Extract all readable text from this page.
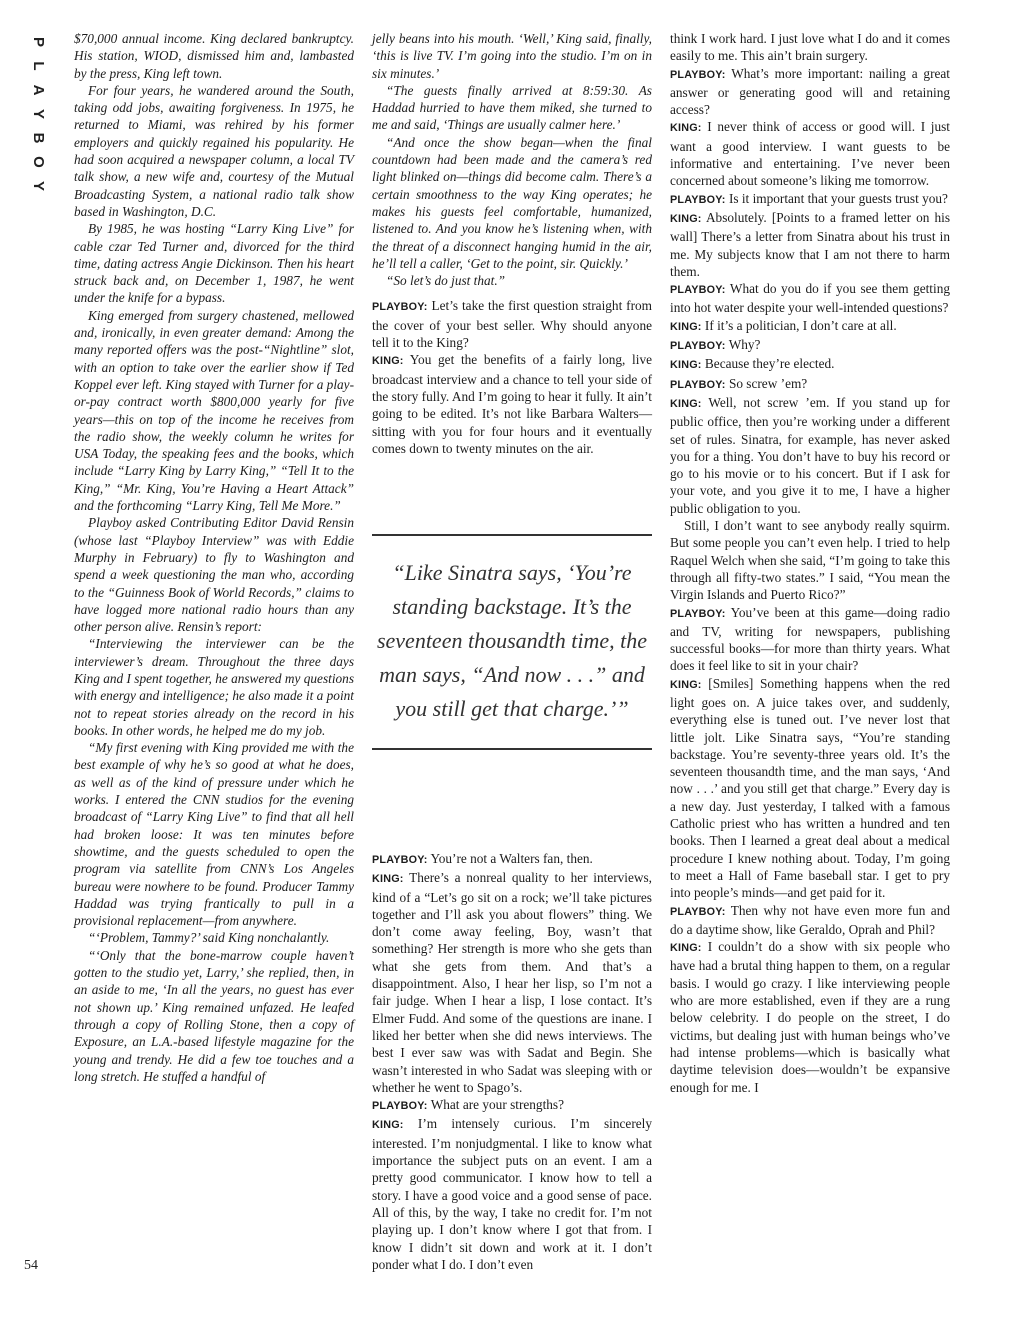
P
L
A
Y
B
O
Y
54

$70,000 annual income. King declared bankruptcy. His station, WIOD, dismissed him and, lambasted by the press, King left town.

For four years, he wandered around the South, taking odd jobs, awaiting forgiveness. In 1975, he returned to Miami, was rehired by his former employers and quickly regained his popularity. He had soon acquired a newspaper column, a local TV talk show, a new wife and, courtesy of the Mutual Broadcasting System, a national radio talk show based in Washington, D.C.

By 1985, he was hosting “Larry King Live” for cable czar Ted Turner and, divorced for the third time, dating actress Angie Dickinson. Then his heart struck back and, on December 1, 1987, he went under the knife for a bypass.

King emerged from surgery chastened, mellowed and, ironically, in even greater demand: Among the many reported offers was the post-“Nightline” slot, with an option to take over the earlier show if Ted Koppel ever left. King stayed with Turner for a play-or-pay contract worth $800,000 yearly for five years—this on top of the income he receives from the radio show, the weekly column he writes for USA Today, the speaking fees and the books, which include “Larry King by Larry King,” “Tell It to the King,” “Mr. King, You’re Having a Heart Attack” and the forthcoming “Larry King, Tell Me More.”

Playboy asked Contributing Editor David Rensin (whose last “Playboy Interview” was with Eddie Murphy in February) to fly to Washington and spend a week questioning the man who, according to the “Guinness Book of World Records,” claims to have logged more national radio hours than any other person alive. Rensin’s report:

“Interviewing the interviewer can be the interviewer’s dream. Throughout the three days King and I spent together, he answered my questions with energy and intelligence; he also made it a point not to repeat stories already on the record in his books. In other words, he helped me do my job.

“My first evening with King provided me with the best example of why he’s so good at what he does, as well as of the kind of pressure under which he works. I entered the CNN studios for the evening broadcast of “Larry King Live” to find that all hell had broken loose: It was ten minutes before showtime, and the guests scheduled to open the program via satellite from CNN’s Los Angeles bureau were nowhere to be found. Producer Tammy Haddad was trying frantically to pull in a provisional replacement—from anywhere.

“‘Problem, Tammy?’ said King nonchalantly.

“‘Only that the bone-marrow couple haven’t gotten to the studio yet, Larry,’ she replied, then, in an aside to me, ‘In all the years, no guest has ever not shown up.’ King remained unfazed. He leafed through a copy of Rolling Stone, then a copy of Exposure, an L.A.-based lifestyle magazine for the young and trendy. He did a few toe touches and a long stretch. He stuffed a handful of

jelly beans into his mouth. ‘Well,’ King said, finally, ‘this is live TV. I’m going into the studio. I’m on in six minutes.’

“The guests finally arrived at 8:59:30. As Haddad hurried to have them miked, she turned to me and said, ‘Things are usually calmer here.’

“And once the show began—when the final countdown had been made and the camera’s red light blinked on—things did become calm. There’s a certain smoothness to the way King operates; he makes his guests feel comfortable, humanized, listened to. And you know he’s listening when, with the threat of a disconnect hanging humid in the air, he’ll tell a caller, ‘Get to the point, sir. Quickly.’

“So let’s do just that.”

PLAYBOY: Let’s take the first question straight from the cover of your best seller. Why should anyone tell it to the King?

KING: You get the benefits of a fairly long, live broadcast interview and a chance to tell your side of the story fully. And I’m going to hear it fully. It ain’t going to be edited. It’s not like Barbara Walters—sitting with you for four hours and it eventually comes down to twenty minutes on the air.

“Like Sinatra says, ‘You’re standing backstage. It’s the seventeen thousandth time, the man says, “And now . . .” and you still get that charge.’”

PLAYBOY: You’re not a Walters fan, then.

KING: There’s a nonreal quality to her interviews, kind of a “Let’s go sit on a rock; we’ll take pictures together and I’ll ask you about flowers” thing. We don’t come away feeling, Boy, wasn’t that something? Her strength is more who she gets than what she gets from them. And that’s a disappointment. Also, I hear her lisp, so I’m not a fair judge. When I hear a lisp, I lose contact. It’s Elmer Fudd. And some of the questions are inane. I liked her better when she did news interviews. The best I ever saw was with Sadat and Begin. She wasn’t interested in who Sadat was sleeping with or whether he went to Spago’s.

PLAYBOY: What are your strengths?

KING: I’m intensely curious. I’m sincerely interested. I’m nonjudgmental. I like to know what importance the subject puts on an event. I am a pretty good communicator. I know how to tell a story. I have a good voice and a good sense of pace. All of this, by the way, I take no credit for. I’m not playing up. I don’t know where I got that from. I know I didn’t sit down and work at it. I don’t ponder what I do. I don’t even

think I work hard. I just love what I do and it comes easily to me. This ain’t brain surgery.

PLAYBOY: What’s more important: nailing a great answer or generating good will and retaining access?

KING: I never think of access or good will. I just want a good interview. I want guests to be informative and entertaining. I’ve never been concerned about someone’s liking me tomorrow.

PLAYBOY: Is it important that your guests trust you?

KING: Absolutely. [Points to a framed letter on his wall] There’s a letter from Sinatra about his trust in me. My subjects know that I am not there to harm them.

PLAYBOY: What do you do if you see them getting into hot water despite your well-intended questions?

KING: If it’s a politician, I don’t care at all.

PLAYBOY: Why?

KING: Because they’re elected.

PLAYBOY: So screw ’em?

KING: Well, not screw ’em. If you stand up for public office, then you’re working under a different set of rules. Sinatra, for example, has never asked you for a thing. You don’t have to buy his record or go to his movie or to his concert. But if I ask for your vote, and you give it to me, I have a higher public obligation to you.

Still, I don’t want to see anybody really squirm. But some people you can’t even help. I tried to help Raquel Welch when she said, “I’m going to take this through all fifty-two states.” I said, “You mean the Virgin Islands and Puerto Rico?”

PLAYBOY: You’ve been at this game—doing radio and TV, writing for newspapers, publishing successful books—for more than thirty years. What does it feel like to sit in your chair?

KING: [Smiles] Something happens when the red light goes on. A juice takes over, and suddenly, everything else is tuned out. I’ve never lost that little jolt. Like Sinatra says, “You’re standing backstage. You’re seventy-three years old. It’s the seventeen thousandth time, and the man says, ‘And now . . .’ and you still get that charge.” Every day is a new day. Just yesterday, I talked with a famous Catholic priest who has written a hundred and ten books. Then I learned a great deal about a medical procedure I knew nothing about. Today, I’m going to meet a Hall of Fame baseball star. I get to pry into people’s minds—and get paid for it.

PLAYBOY: Then why not have even more fun and do a daytime show, like Geraldo, Oprah and Phil?

KING: I couldn’t do a show with six people who have had a brutal thing happen to them, on a regular basis. I would go crazy. I like interviewing people who are more established, even if they are a rung below celebrity. I do people on the street, I do victims, but dealing just with human beings who’ve had intense problems—which is basically what daytime television does—wouldn’t be expansive enough for me. I
